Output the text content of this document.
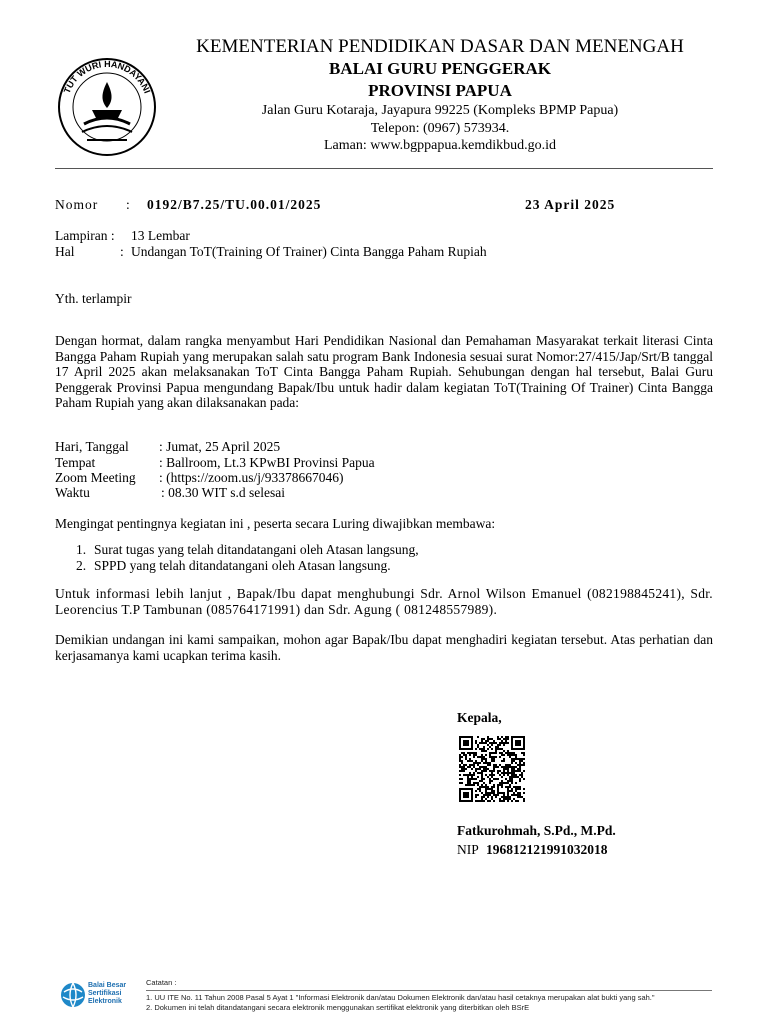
TUT WURI HANDAYANI
KEMENTERIAN PENDIDIKAN DASAR DAN MENENGAH
BALAI GURU PENGGERAK
PROVINSI PAPUA
Jalan Guru Kotaraja, Jayapura 99225 (Kompleks BPMP Papua)
Telepon: (0967) 573934.
Laman: www.bgppapua.kemdikbud.go.id
Nomor : 0192/B7.25/TU.00.01/2025	23 April 2025
Lampiran : 13 Lembar
Hal	: Undangan ToT(Training Of Trainer) Cinta Bangga Paham Rupiah
Yth. terlampir
Dengan hormat, dalam rangka menyambut Hari Pendidikan Nasional dan Pemahaman Masyarakat terkait literasi Cinta Bangga Paham Rupiah yang merupakan salah satu program Bank Indonesia sesuai surat Nomor:27/415/Jap/Srt/B tanggal 17 April 2025 akan melaksanakan ToT Cinta Bangga Paham Rupiah. Sehubungan dengan hal tersebut, Balai Guru Penggerak Provinsi Papua mengundang Bapak/Ibu untuk hadir dalam kegiatan ToT(Training Of Trainer) Cinta Bangga Paham Rupiah yang akan dilaksanakan pada:
Hari, Tanggal : Jumat, 25 April 2025
Tempat	: Ballroom, Lt.3 KPwBI Provinsi Papua
Zoom Meeting : (https://zoom.us/j/93378667046)
Waktu	: 08.30 WIT s.d selesai
Mengingat pentingnya kegiatan ini , peserta secara Luring diwajibkan membawa:
1. Surat tugas yang telah ditandatangani oleh Atasan langsung,
2. SPPD yang telah ditandatangani oleh Atasan langsung.
Untuk informasi lebih lanjut , Bapak/Ibu dapat menghubungi Sdr. Arnol Wilson Emanuel (082198845241), Sdr. Leorencius T.P Tambunan (085764171991) dan Sdr. Agung ( 081248557989).
Demikian undangan ini kami sampaikan, mohon agar Bapak/Ibu dapat menghadiri kegiatan tersebut. Atas perhatian dan kerjasamanya kami ucapkan terima kasih.
Kepala,
Fatkurohmah, S.Pd., M.Pd.
NIP 196812121991032018
Balai Besar
Sertifikasi
Elektronik
Catatan :
1. UU ITE No. 11 Tahun 2008 Pasal 5 Ayat 1 "Informasi Elektronik dan/atau Dokumen Elektronik dan/atau hasil cetaknya merupakan alat bukti yang sah."
2. Dokumen ini telah ditandatangani secara elektronik menggunakan sertifikat elektronik yang diterbitkan oleh BSrE
